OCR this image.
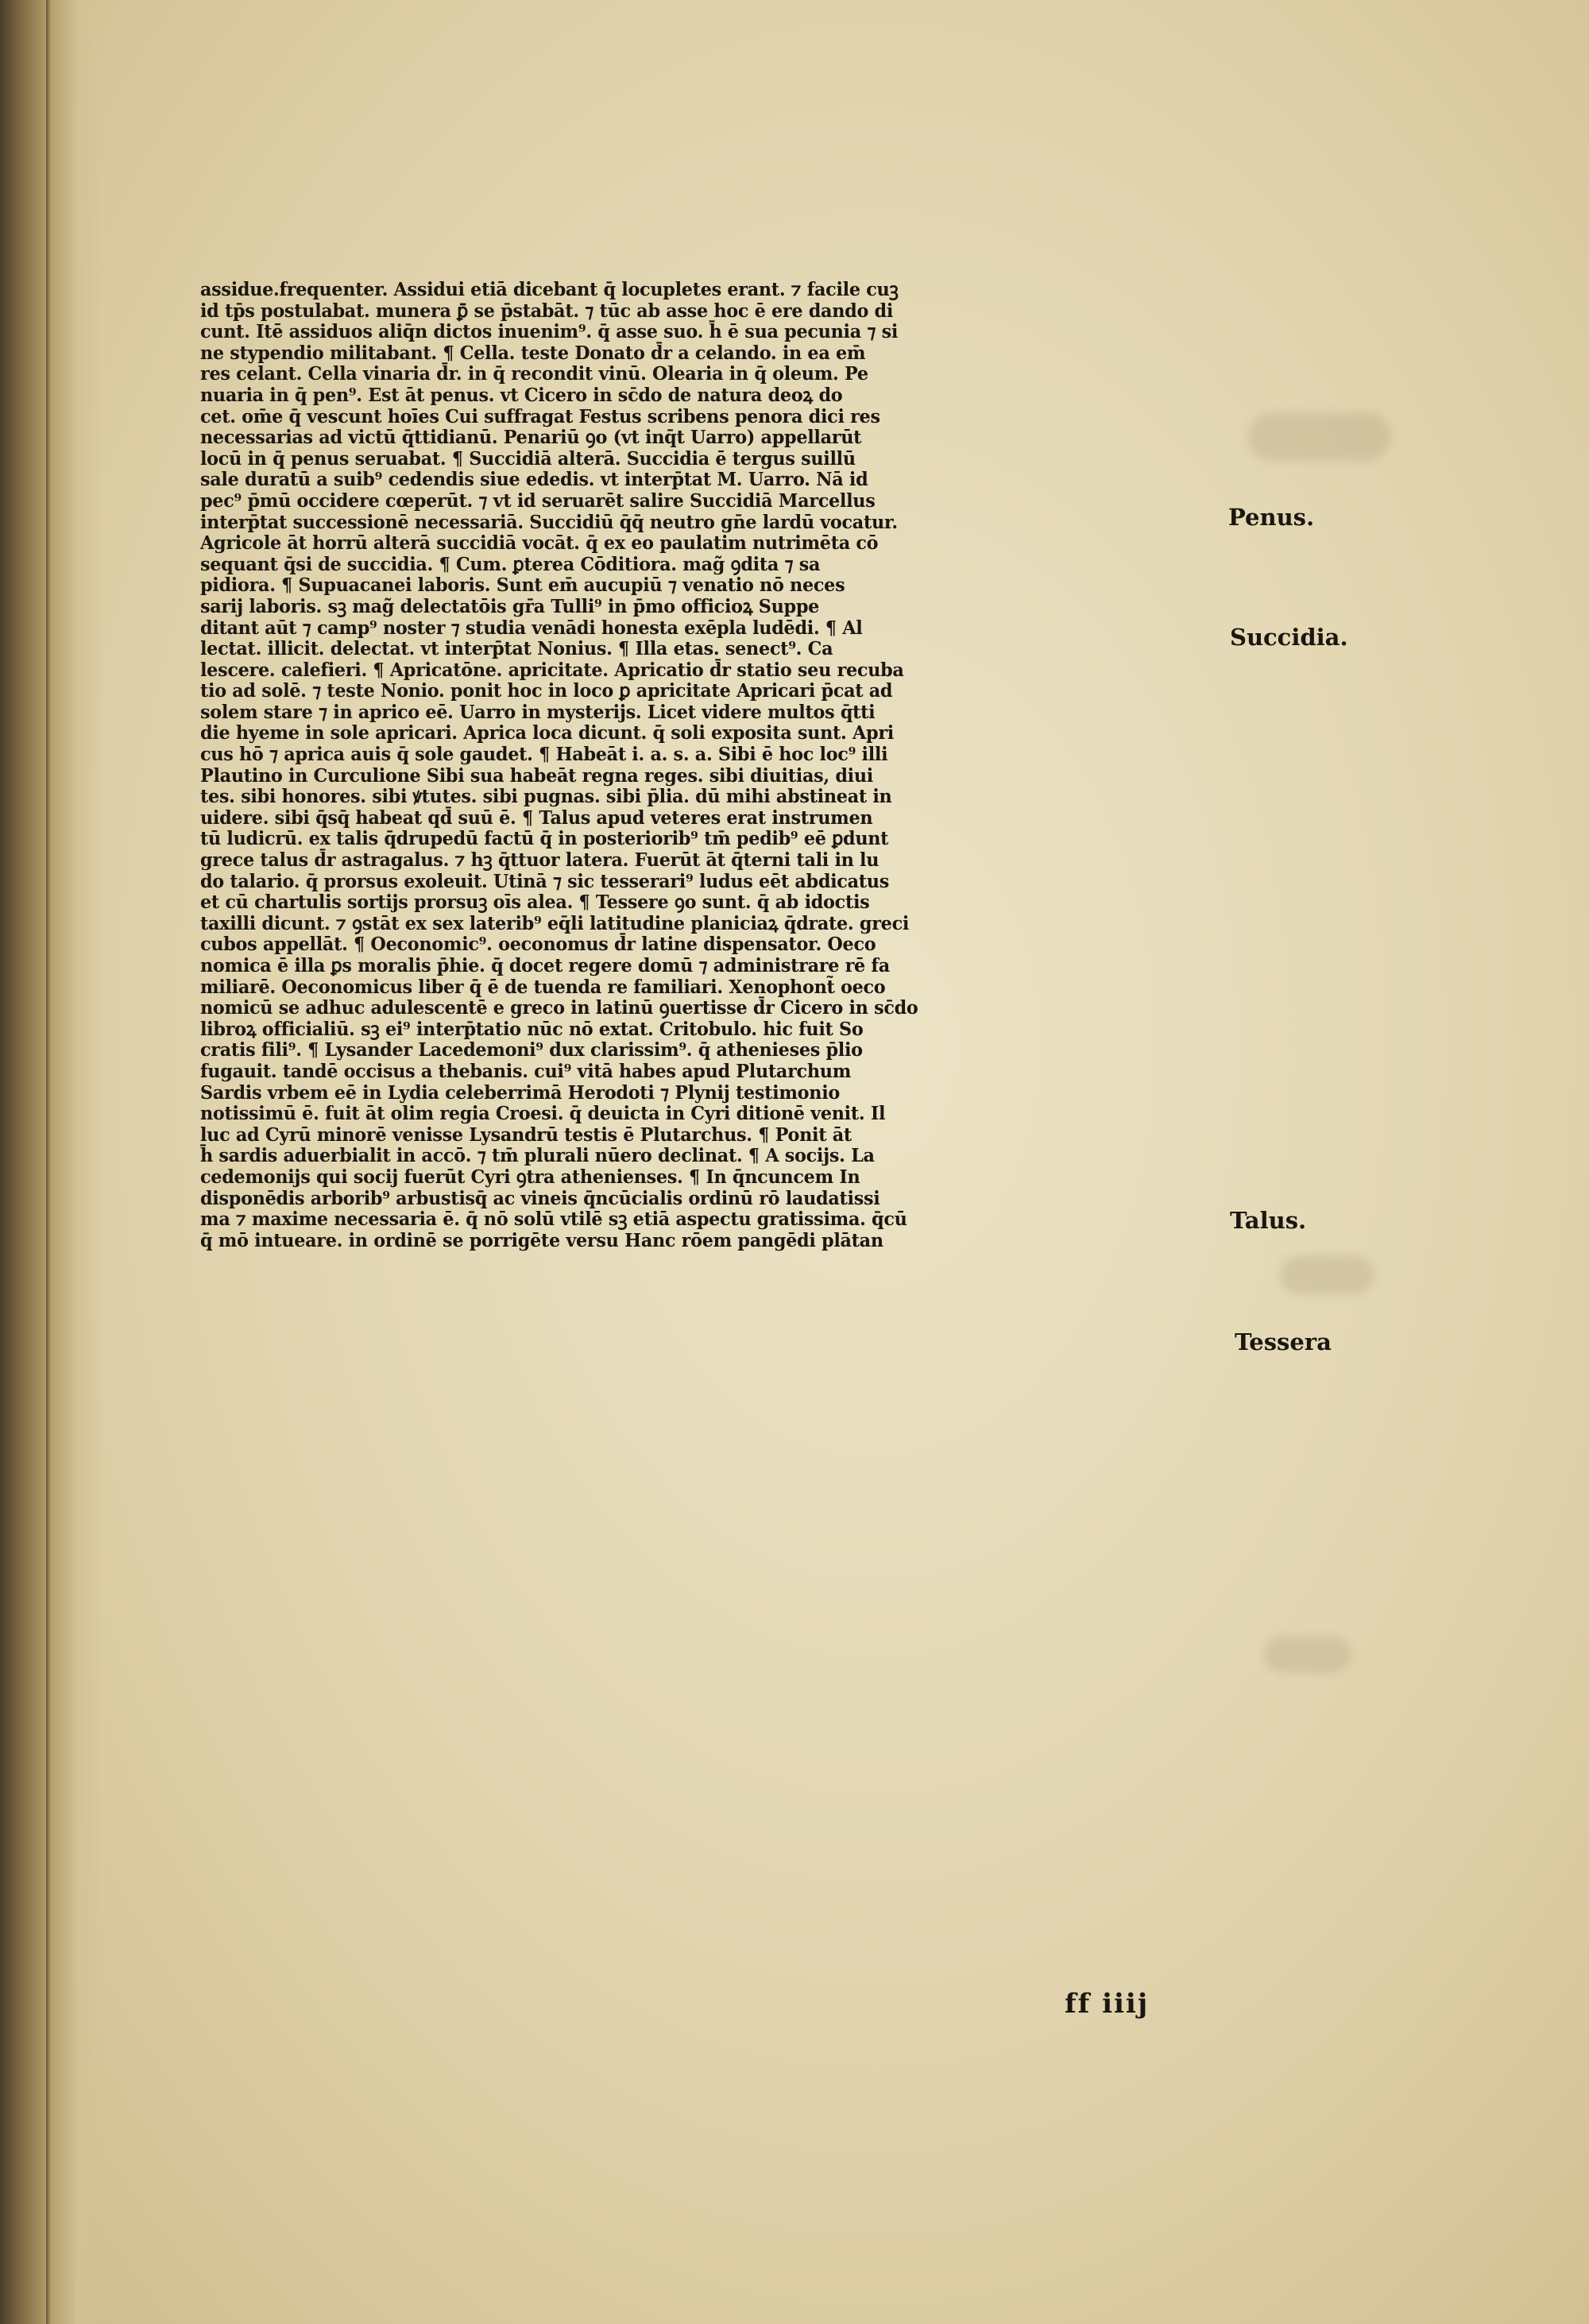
assidue.frequenter. Assidui etiā dicebant q̄ locupletes erant. ⁊ facile cuꝫ
id tp̄s postulabat. munera ꝑ̄ se p̄stabāt. ⁊ tūc ab asse hoc ē ere dando di
cunt. Itē assiduos aliq̄n dictos inuenim⁹. q̄ asse suo. h̄ ē sua pecunia ⁊ si
ne stypendio militabant. ¶ Cella. teste Donato d̄r a celando. in ea em̄
res celant. Cella vinaria d̄r. in q̄ recondit vinū. Olearia in q̄ oleum. Pe
nuaria in q̄ pen⁹. Est āt penus. vt Cicero in sc̄do de natura deoꝝ do
cet. om̄e q̄ vescunt hoīes Cui suffragat Festus scribens penora dici res
necessarias ad victū q̄ttidianū. Penariū ꝯo (vt inq̄t Uarro) appellarūt
locū in q̄ penus seruabat. ¶ Succidiā alterā. Succidia ē tergus suillū
sale duratū a suib⁹ cedendis siue ededis. vt interp̄tat M. Uarro. Nā id
pec⁹ p̄mū occidere cœperūt. ⁊ vt id seruarēt salire Succidiā Marcellus
interp̄tat successionē necessariā. Succidiū q̄q̄ neutro gn̄e lardū vocatur.
Agricole āt horrū alterā succidiā vocāt. q̄ ex eo paulatim nutrimēta cō
sequant q̄si de succidia. ¶ Cum. ꝑterea Cōditiora. mag̃ ꝯdita ⁊ sa
pidiora. ¶ Supuacanei laboris. Sunt em̄ aucupiū ⁊ venatio nō neces
sarij laboris. sꝫ mag̃ delectatōis gr̄a Tulli⁹ in p̄mo officioꝝ Suppe
ditant aūt ⁊ camp⁹ noster ⁊ studia venādi honesta exēpla ludēdi. ¶ Al
lectat. illicit. delectat. vt interp̄tat Nonius. ¶ Illa etas. senect⁹. Ca
lescere. calefieri. ¶ Apricatōne. apricitate. Apricatio d̄r statio seu recuba
tio ad solē. ⁊ teste Nonio. ponit hoc in loco ꝑ apricitate Apricari p̄cat ad
solem stare ⁊ in aprico eē. Uarro in mysterijs. Licet videre multos q̄tti
die hyeme in sole apricari. Aprica loca dicunt. q̄ soli exposita sunt. Apri
cus hō ⁊ aprica auis q̄ sole gaudet. ¶ Habeāt i. a. s. a. Sibi ē hoc loc⁹ illi
Plautino in Curculione Sibi sua habeāt regna reges. sibi diuitias, diui
tes. sibi honores. sibi ꝟtutes. sibi pugnas. sibi p̄lia. dū mihi abstineat in
uidere. sibi q̄sq̄ habeat qd̄ suū ē. ¶ Talus apud veteres erat instrumen
tū ludicrū. ex talis q̄drupedū factū q̄ in posteriorib⁹ tm̄ pedib⁹ eē ꝑdunt
grece talus d̄r astragalus. ⁊ hꝫ q̄ttuor latera. Fuerūt āt q̄terni tali in lu
do talario. q̄ prorsus exoleuit. Utinā ⁊ sic tesserari⁹ ludus eēt abdicatus
et cū chartulis sortijs prorsuꝫ oīs alea. ¶ Tessere ꝯo sunt. q̄ ab idoctis
taxilli dicunt. ⁊ ꝯstāt ex sex laterib⁹ eq̄li latitudine planiciaꝝ q̄drate. greci
cubos appellāt. ¶ Oeconomic⁹. oeconomus d̄r latine dispensator. Oeco
nomica ē illa ꝑs moralis p̄hie. q̄ docet regere domū ⁊ administrare rē fa
miliarē. Oeconomicus liber q̄ ē de tuenda re familiari. Xenophont̃ oeco
nomicū se adhuc adulescentē e greco in latinū ꝯuertisse d̄r Cicero in sc̄do
libroꝝ officialiū. sꝫ ei⁹ interp̄tatio nūc nō extat. Critobulo. hic fuit So
cratis fili⁹. ¶ Lysander Lacedemoni⁹ dux clarissim⁹. q̄ athenieses p̄lio
fugauit. tandē occisus a thebanis. cui⁹ vitā habes apud Plutarchum
Sardis vrbem eē in Lydia celeberrimā Herodoti ⁊ Plynij testimonio
notissimū ē. fuit āt olim regia Croesi. q̄ deuicta in Cyri ditionē venit. Il
luc ad Cyrū minorē venisse Lysandrū testis ē Plutarchus. ¶ Ponit āt
h̄ sardis aduerbialit in accō. ⁊ tm̄ plurali nūero declinat. ¶ A socijs. La
cedemonijs qui socij fuerūt Cyri ꝯtra athenienses. ¶ In q̄ncuncem In
disponēdis arborib⁹ arbustisq̄ ac vineis q̄ncūcialis ordinū rō laudatissi
ma ⁊ maxime necessaria ē. q̄ nō solū vtilē sꝫ etiā aspectu gratissima. q̄cū
q̄ mō intueare. in ordinē se porrigēte versu Hanc rōem pangēdi plātan
ff iiij
Penus.
Succidia.
Talus.
Tessera
